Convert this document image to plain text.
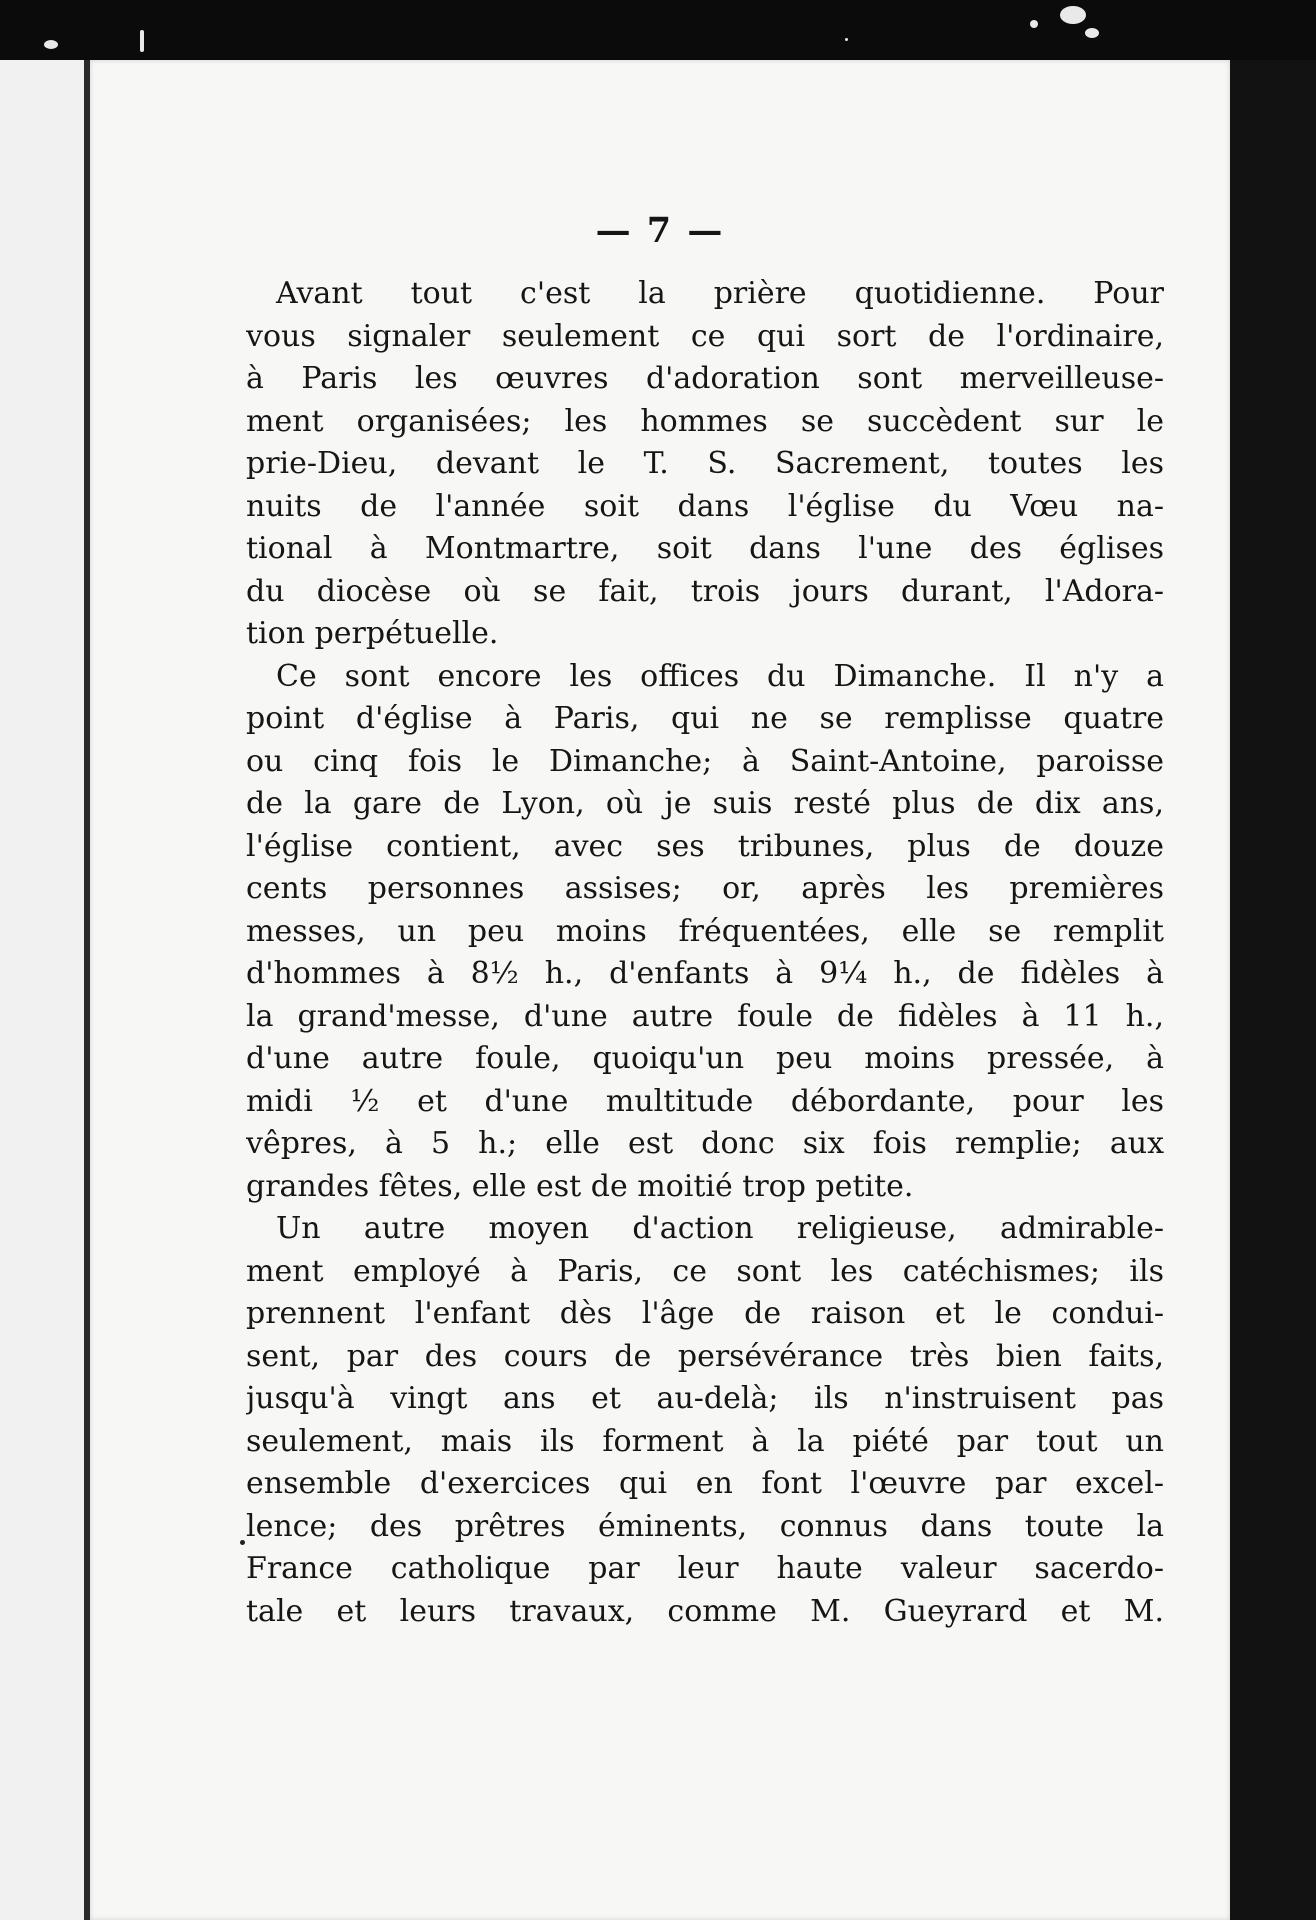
— 7 —
Avant tout c'est la prière quotidienne. Pour
vous signaler seulement ce qui sort de l'ordinaire,
à Paris les œuvres d'adoration sont merveilleuse-
ment organisées; les hommes se succèdent sur le
prie-Dieu, devant le T. S. Sacrement, toutes les
nuits de l'année soit dans l'église du Vœu na-
tional à Montmartre, soit dans l'une des églises
du diocèse où se fait, trois jours durant, l'Adora-
tion perpétuelle.
Ce sont encore les offices du Dimanche. Il n'y a
point d'église à Paris, qui ne se remplisse quatre
ou cinq fois le Dimanche; à Saint-Antoine, paroisse
de la gare de Lyon, où je suis resté plus de dix ans,
l'église contient, avec ses tribunes, plus de douze
cents personnes assises; or, après les premières
messes, un peu moins fréquentées, elle se remplit
d'hommes à 8½ h., d'enfants à 9¼ h., de fidèles à
la grand'messe, d'une autre foule de fidèles à 11 h.,
d'une autre foule, quoiqu'un peu moins pressée, à
midi ½ et d'une multitude débordante, pour les
vêpres, à 5 h.; elle est donc six fois remplie; aux
grandes fêtes, elle est de moitié trop petite.
Un autre moyen d'action religieuse, admirable-
ment employé à Paris, ce sont les catéchismes; ils
prennent l'enfant dès l'âge de raison et le condui-
sent, par des cours de persévérance très bien faits,
jusqu'à vingt ans et au-delà; ils n'instruisent pas
seulement, mais ils forment à la piété par tout un
ensemble d'exercices qui en font l'œuvre par excel-
lence; des prêtres éminents, connus dans toute la
France catholique par leur haute valeur sacerdo-
tale et leurs travaux, comme M. Gueyrard et M.
